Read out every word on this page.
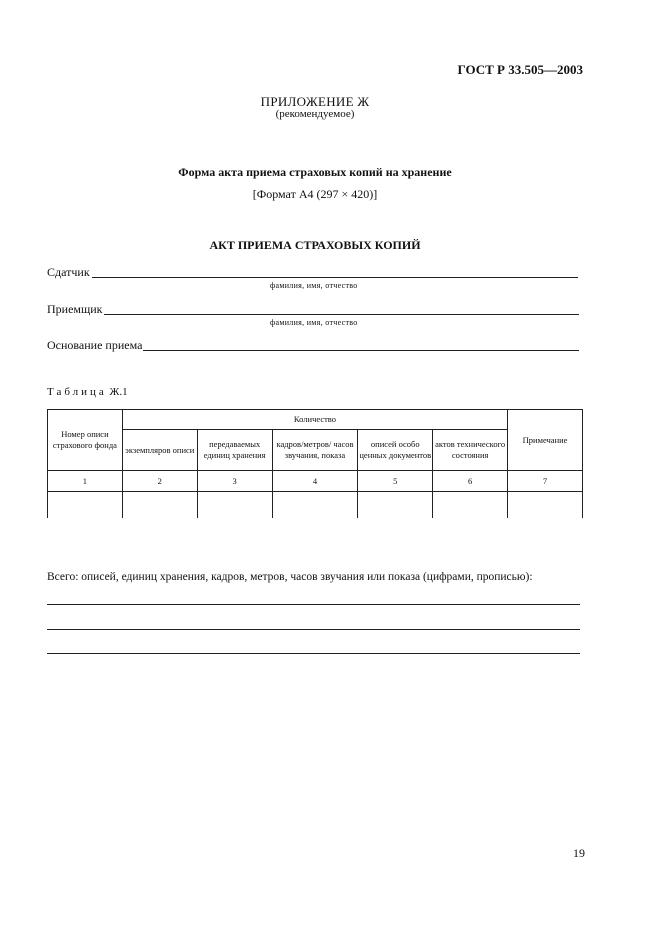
ГОСТ Р 33.505—2003
ПРИЛОЖЕНИЕ Ж
(рекомендуемое)
Форма акта приема страховых копий на хранение
[Формат А4 (297 × 420)]
АКТ ПРИЕМА СТРАХОВЫХ КОПИЙ
Сдатчик
фамилия, имя, отчество
Приемщик
фамилия, имя, отчество
Основание приема
Таблица Ж.1
Номер описи страхового фонда	Количество					Примечание
	экземпляров описи	передаваемых единиц хранения	кадров/метров/ часов звучания, показа	описей особо ценных документов	актов технического состояния	
1	2	3	4	5	6	7

Всего: описей, единиц хранения, кадров, метров, часов звучания или показа (цифрами, прописью):
19
